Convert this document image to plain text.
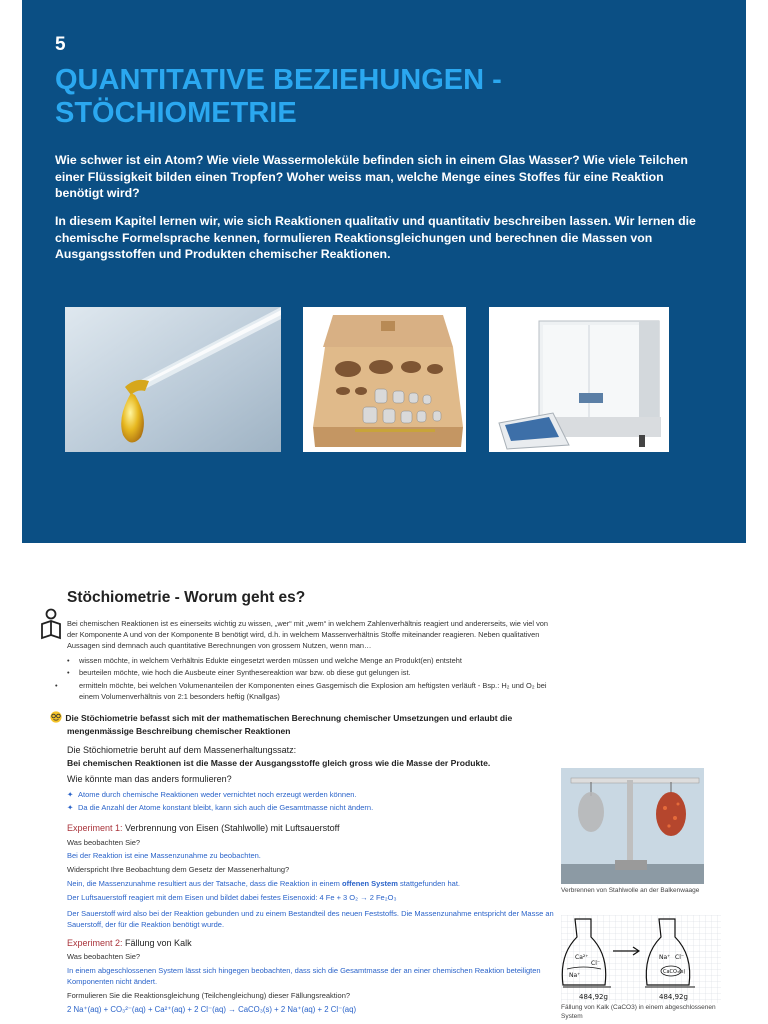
5
QUANTITATIVE BEZIEHUNGEN - STÖCHIOMETRIE

Wie schwer ist ein Atom? Wie viele Wassermoleküle befinden sich in einem Glas Wasser? Wie viele Teilchen einer Flüssigkeit bilden einen Tropfen? Woher weiss man, welche Menge eines Stoffes für eine Reaktion benötigt wird?

In diesem Kapitel lernen wir, wie sich Reaktionen qualitativ und quantitativ beschreiben lassen. Wir lernen die chemische Formelsprache kennen, formulieren Reaktionsgleichungen und berechnen die Massen von Ausgangsstoffen und Produkten chemischer Reaktionen.

Stöchiometrie - Worum geht es?

Bei chemischen Reaktionen ist es einerseits wichtig zu wissen, „wer“ mit „wem“ in welchem Zahlenverhältnis reagiert und andererseits, wie viel von der Komponente A und von der Komponente B benötigt wird, d.h. in welchem Massenverhältnis Stoffe miteinander reagieren. Neben qualitativen Aussagen sind demnach auch quantitative Berechnungen von grossem Nutzen, wenn man…

• wissen möchte, in welchem Verhältnis Edukte eingesetzt werden müssen und welche Menge an Produkt(en) entsteht
• beurteilen möchte, wie hoch die Ausbeute einer Synthesereaktion war bzw. ob diese gut gelungen ist.
•	ermitteln möchte, bei welchen Volumenanteilen der Komponenten eines Gasgemisch die Explosion am heftigsten verläuft - Bsp.: H₂ und O₂ bei einem Volumenverhältnis von 2:1 besonders heftig (Knallgas)

Die Stöchiometrie befasst sich mit der mathematischen Berechnung chemischer Umsetzungen und erlaubt die mengenmässige Beschreibung chemischer Reaktionen

Die Stöchiometrie beruht auf dem Massenerhaltungssatz:
Bei chemischen Reaktionen ist die Masse der Ausgangsstoffe gleich gross wie die Masse der Produkte.
Wie könnte man das anders formulieren?
✦ Atome durch chemische Reaktionen weder vernichtet noch erzeugt werden können.
✦ Da die Anzahl der Atome konstant bleibt, kann sich auch die Gesamtmasse nicht ändern.
Experiment 1: Verbrennung von Eisen (Stahlwolle) mit Luftsauerstoff
Was beobachten Sie?
Bei der Reaktion ist eine Massenzunahme zu beobachten.
Widerspricht Ihre Beobachtung dem Gesetz der Massenerhaltung?
Nein, die Massenzunahme resultiert aus der Tatsache, dass die Reaktion in einem offenen System stattgefunden hat.
Der Luftsauerstoff reagiert mit dem Eisen und bildet dabei festes Eisenoxid: 4 Fe + 3 O₂ → 2 Fe₂O₃
Der Sauerstoff wird also bei der Reaktion gebunden und zu einem Bestandteil des neuen Feststoffs. Die Massenzunahme entspricht der Masse an Sauerstoff, der für die Reaktion benötigt wurde.
Experiment 2: Fällung von Kalk
Was beobachten Sie?
In einem abgeschlossenen System lässt sich hingegen beobachten, dass sich die Gesamtmasse der an einer chemischen Reaktion beteiligten Komponenten nicht ändert.
Formulieren Sie die Reaktionsgleichung (Teilchengleichung) dieser Fällungsreaktion?
2 Na⁺(aq) + CO₃²⁻(aq) + Ca²⁺(aq) + 2 Cl⁻(aq) → CaCO₃(s) + 2 Na⁺(aq) + 2 Cl⁻(aq)
Verbrennen von Stahlwolle an der Balkenwaage
Ca²⁺
Cl⁻
Na⁺
Na⁺ Cl⁻
CaCO₃(s)
484,92g	484,92g
Fällung von Kalk (CaCO3) in einem abgeschlossenen System
